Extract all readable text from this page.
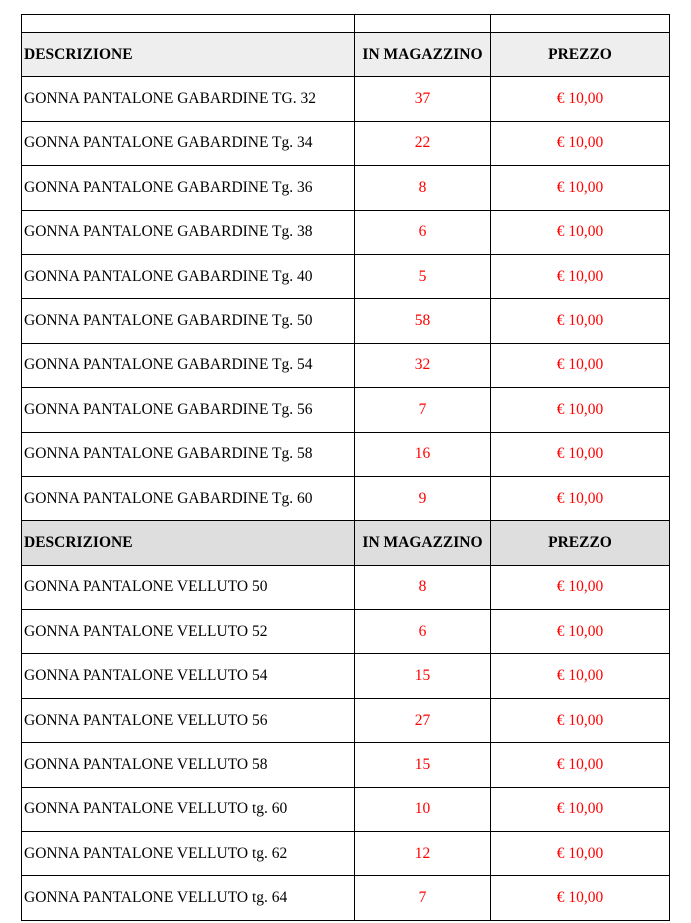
DESCRIZIONE	IN MAGAZZINO	PREZZO
GONNA PANTALONE GABARDINE TG. 32	37	€ 10,00
GONNA PANTALONE GABARDINE Tg. 34	22	€ 10,00
GONNA PANTALONE GABARDINE Tg. 36	8	€ 10,00
GONNA PANTALONE GABARDINE Tg. 38	6	€ 10,00
GONNA PANTALONE GABARDINE Tg. 40	5	€ 10,00
GONNA PANTALONE GABARDINE Tg. 50	58	€ 10,00
GONNA PANTALONE GABARDINE Tg. 54	32	€ 10,00
GONNA PANTALONE GABARDINE Tg. 56	7	€ 10,00
GONNA PANTALONE GABARDINE Tg. 58	16	€ 10,00
GONNA PANTALONE GABARDINE Tg. 60	9	€ 10,00
DESCRIZIONE	IN MAGAZZINO	PREZZO
GONNA PANTALONE VELLUTO 50	8	€ 10,00
GONNA PANTALONE VELLUTO 52	6	€ 10,00
GONNA PANTALONE VELLUTO 54	15	€ 10,00
GONNA PANTALONE VELLUTO 56	27	€ 10,00
GONNA PANTALONE VELLUTO 58	15	€ 10,00
GONNA PANTALONE VELLUTO tg. 60	10	€ 10,00
GONNA PANTALONE VELLUTO tg. 62	12	€ 10,00
GONNA PANTALONE VELLUTO tg. 64	7	€ 10,00
